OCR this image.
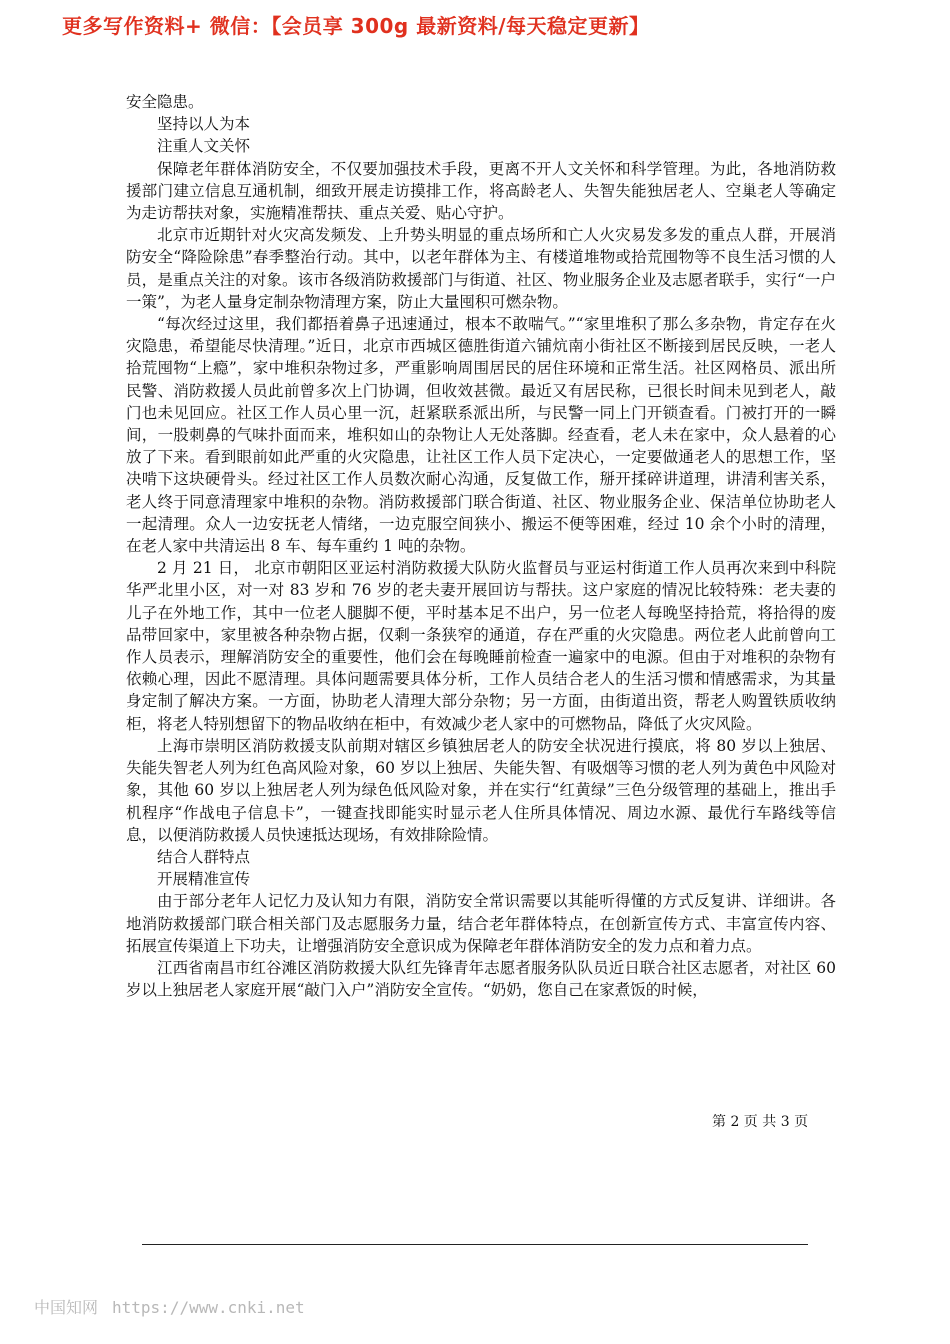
更多写作资料+ 微信：【会员享 300g 最新资料/每天稳定更新】

安全隐患。

坚持以人为本

注重人文关怀

保障老年群体消防安全，不仅要加强技术手段，更离不开人文关怀和科学管理。为此，各地消防救援部门建立信息互通机制，细致开展走访摸排工作，将高龄老人、失智失能独居老人、空巢老人等确定为走访帮扶对象，实施精准帮扶、重点关爱、贴心守护。

北京市近期针对火灾高发频发、上升势头明显的重点场所和亡人火灾易发多发的重点人群，开展消防安全“降险除患”春季整治行动。其中，以老年群体为主、有楼道堆物或拾荒囤物等不良生活习惯的人员，是重点关注的对象。该市各级消防救援部门与街道、社区、物业服务企业及志愿者联手，实行“一户一策”，为老人量身定制杂物清理方案，防止大量囤积可燃杂物。

“每次经过这里，我们都捂着鼻子迅速通过，根本不敢喘气。”“家里堆积了那么多杂物，肯定存在火灾隐患，希望能尽快清理。”近日，北京市西城区德胜街道六铺炕南小街社区不断接到居民反映，一老人拾荒囤物“上瘾”，家中堆积杂物过多，严重影响周围居民的居住环境和正常生活。社区网格员、派出所民警、消防救援人员此前曾多次上门协调，但收效甚微。最近又有居民称，已很长时间未见到老人，敲门也未见回应。社区工作人员心里一沉，赶紧联系派出所，与民警一同上门开锁查看。门被打开的一瞬间，一股刺鼻的气味扑面而来，堆积如山的杂物让人无处落脚。经查看，老人未在家中，众人悬着的心放了下来。看到眼前如此严重的火灾隐患，让社区工作人员下定决心，一定要做通老人的思想工作，坚决啃下这块硬骨头。经过社区工作人员数次耐心沟通，反复做工作，掰开揉碎讲道理，讲清利害关系，老人终于同意清理家中堆积的杂物。消防救援部门联合街道、社区、物业服务企业、保洁单位协助老人一起清理。众人一边安抚老人情绪，一边克服空间狭小、搬运不便等困难，经过 10 余个小时的清理，在老人家中共清运出 8 车、每车重约 1 吨的杂物。

2 月 21 日， 北京市朝阳区亚运村消防救援大队防火监督员与亚运村街道工作人员再次来到中科院华严北里小区，对一对 83 岁和 76 岁的老夫妻开展回访与帮扶。这户家庭的情况比较特殊：老夫妻的儿子在外地工作，其中一位老人腿脚不便，平时基本足不出户，另一位老人每晚坚持拾荒，将拾得的废品带回家中，家里被各种杂物占据，仅剩一条狭窄的通道，存在严重的火灾隐患。两位老人此前曾向工作人员表示，理解消防安全的重要性，他们会在每晚睡前检查一遍家中的电源。但由于对堆积的杂物有依赖心理，因此不愿清理。具体问题需要具体分析，工作人员结合老人的生活习惯和情感需求，为其量身定制了解决方案。一方面，协助老人清理大部分杂物；另一方面，由街道出资，帮老人购置铁质收纳柜，将老人特别想留下的物品收纳在柜中，有效减少老人家中的可燃物品，降低了火灾风险。

上海市崇明区消防救援支队前期对辖区乡镇独居老人的防安全状况进行摸底，将 80 岁以上独居、失能失智老人列为红色高风险对象，60 岁以上独居、失能失智、有吸烟等习惯的老人列为黄色中风险对象，其他 60 岁以上独居老人列为绿色低风险对象，并在实行“红黄绿”三色分级管理的基础上，推出手机程序“作战电子信息卡”，一键查找即能实时显示老人住所具体情况、周边水源、最优行车路线等信息，以便消防救援人员快速抵达现场，有效排除险情。

结合人群特点

开展精准宣传

由于部分老年人记忆力及认知力有限，消防安全常识需要以其能听得懂的方式反复讲、详细讲。各地消防救援部门联合相关部门及志愿服务力量，结合老年群体特点，在创新宣传方式、丰富宣传内容、拓展宣传渠道上下功夫，让增强消防安全意识成为保障老年群体消防安全的发力点和着力点。

江西省南昌市红谷滩区消防救援大队红先锋青年志愿者服务队队员近日联合社区志愿者，对社区 60 岁以上独居老人家庭开展“敲门入户”消防安全宣传。“奶奶，您自己在家煮饭的时候，

第 2 页 共 3 页
中国知网 https://www.cnki.net
